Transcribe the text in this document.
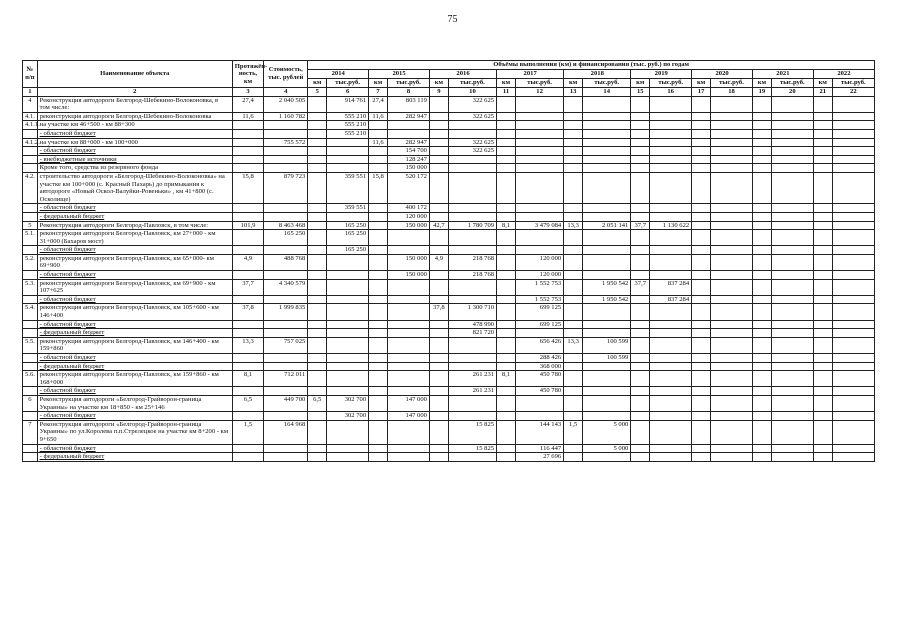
75
№ п/п	Наименование объекта	Протяжён-ность, км	Стоимость, тыс. рублей	Объёмы выполнения (км) и финансирования (тыс. руб.) по годам																	
				2014		2015		2016		2017		2018		2019		2020		2021		2022	
				км	тыс.руб.	км	тыс.руб.	км	тыс.руб.	км	тыс.руб.	км	тыс.руб.	км	тыс.руб.	км	тыс.руб.	км	тыс.руб.	км	тыс.руб.
1	2	3	4	5	6	7	8	9	10	11	12	13	14	15	16	17	18	19	20	21	22
4	Реконструкция автодороги Белгород-Шебекино-Волоконовка, в том числе:	27,4	2 040 505		914 761	27,4	803 119		322 625												
4.1.	реконструкция автодороги Белгород-Шебекино-Волоконовка	11,6	1 160 782		555 210	11,6	282 947		322 625												
4.1.1.	на участке км 46+500 - км 88+300				555 210																
	- областной бюджет				555 210																
4.1.2.	на участке км 88+000 - км 100+000		755 572			11,6	282 947		322 625												
	- областной бюджет						154 700		322 625												
	- внебюджетные источники						128 247														
	Кроме того, средства из резервного фонда						150 000														
4.2.	строительство автодороги «Белгород-Шебекино-Волоконовка» на участке км 100+000 (с. Красный Пахарь) до примыкания к автодороге «Новый Оскол-Валуйки-Ровеньки» , км 41+800 (с. Осколище)	15,8	879 723		359 551	15,8	520 172														
	- областной бюджет				359 551		400 172														
	- федеральный бюджет						120 000														
5	Реконструкция автодороги Белгород-Павловск, в том числе:	101,9	8 463 468		165 250		150 000	42,7	1 780 709	8,1	3 479 084	13,3	2 051 141	37,7	1 130 622						
5.1.	реконструкция автодороги Белгород-Павловск, км 27+000 - км 31+000 (Бахаров мост)		165 250		165 250																
	- областной бюджет				165 250																
5.2.	реконструкция автодороги Белгород-Павловск, км 65+000- км 69+900	4,9	488 768				150 000	4,9	218 768		120 000										
	- областной бюджет						150 000		218 768		120 000										
5.3.	реконструкция автодороги Белгород-Павловск, км 69+900 - км 107+625	37,7	4 340 579								1 552 753		1 950 542	37,7	837 284						
	- областной бюджет										1 552 753		1 950 542		837 284						
5.4.	реконструкция автодороги Белгород-Павловск, км 105+600 - км 146+400	37,8	1 999 835					37,8	1 300 710		699 125										
	- областной бюджет								478 990		699 125										
	- федеральный бюджет								821 720												
5.5.	реконструкция автодороги Белгород-Павловск, км 146+400 - км 159+860	13,3	757 025								656 426	13,3	100 599								
	- областной бюджет										288 426		100 599								
	- федеральный бюджет										368 000										
5.6.	реконструкция автодороги Белгород-Павловск, км 159+860 - км 168+000	8,1	712 011						261 231	8,1	450 780										
	- областной бюджет								261 231		450 780										
6	Реконструкция автодороги «Белгород-Грайворон-граница Украины» на участке км 18+850 - км 25+146	6,5	449 700	6,5	302 700		147 000														
	- областной бюджет				302 700		147 000														
7	Реконструкция автодороги «Белгород-Грайворон-граница Украины» по ул.Королева п.п.Стрелецкое на участке км 8+200 - км 9+650	1,5	164 968						15 825		144 143	1,5	5 000								
	- областной бюджет								15 825		116 447		5 000								
	- федеральный бюджет										27 696										
